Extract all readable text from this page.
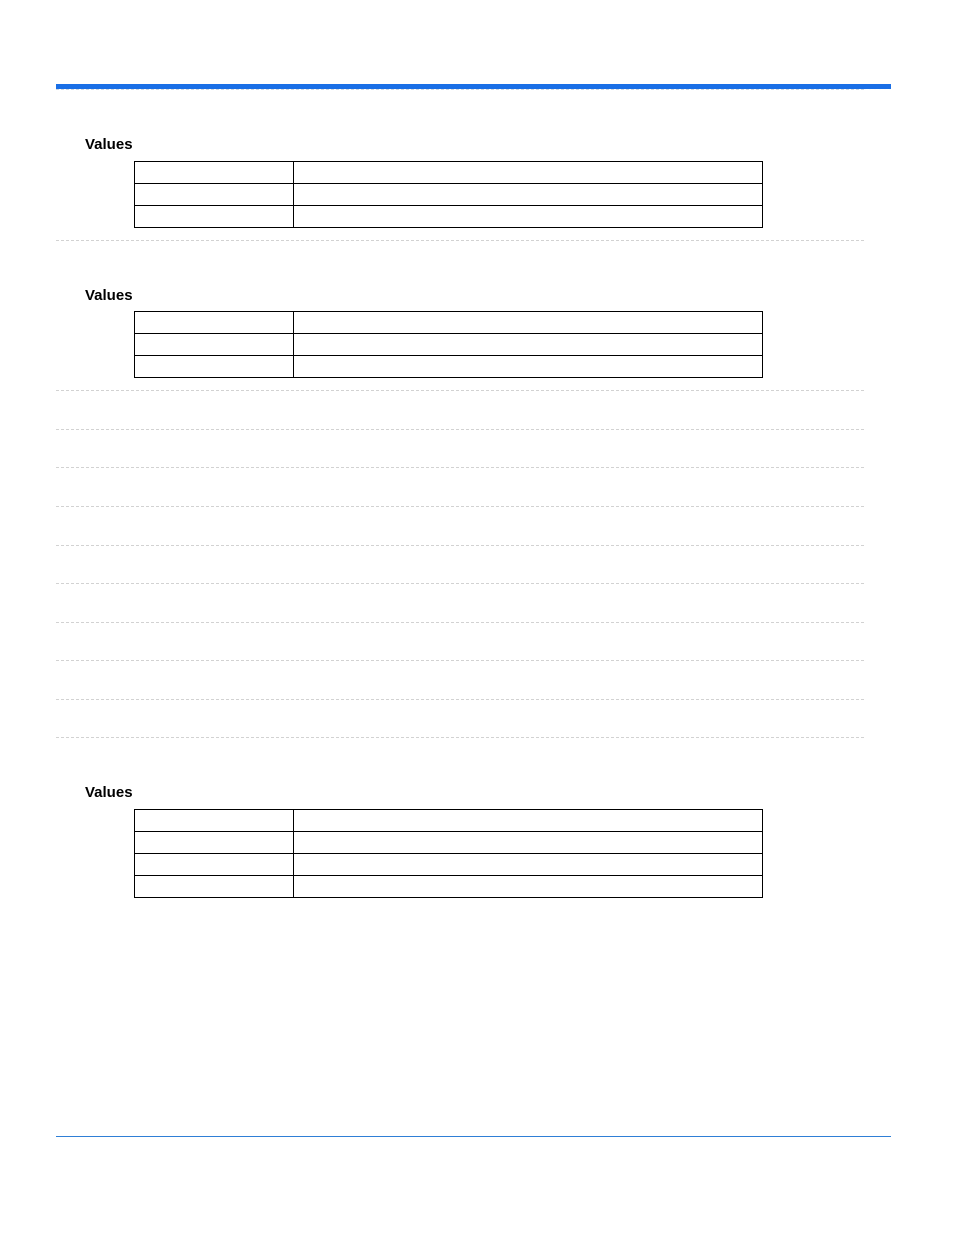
Values

Values

Values
